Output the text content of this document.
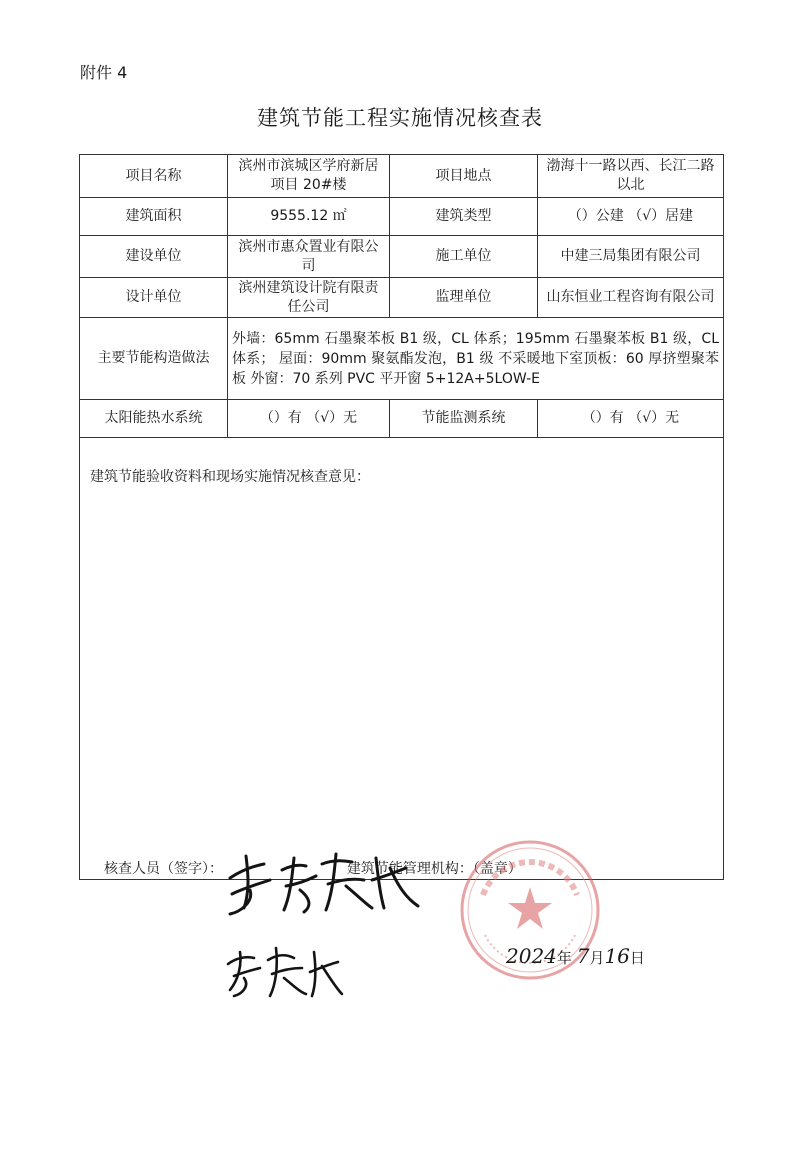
附件 4
建筑节能工程实施情况核查表
项目名称	滨州市滨城区学府新居项目 20#楼	项目地点	渤海十一路以西、长江二路以北
建筑面积	9555.12 ㎡	建筑类型	（）公建 （√）居建
建设单位	滨州市惠众置业有限公司	施工单位	中建三局集团有限公司
设计单位	滨州建筑设计院有限责任公司	监理单位	山东恒业工程咨询有限公司
主要节能构造做法	外墙：65mm 石墨聚苯板 B1 级，CL 体系；195mm 石墨聚苯板 B1 级，CL 体系； 屋面：90mm 聚氨酯发泡，B1 级 不采暖地下室顶板：60 厚挤塑聚苯板 外窗：70 系列 PVC 平开窗 5+12A+5LOW-E		
太阳能热水系统	（）有 （√）无	节能监测系统	（）有 （√）无

建筑节能验收资料和现场实施情况核查意见：
核查人员（签字）： 建筑节能管理机构：（盖章）			
2024年 7月16日
